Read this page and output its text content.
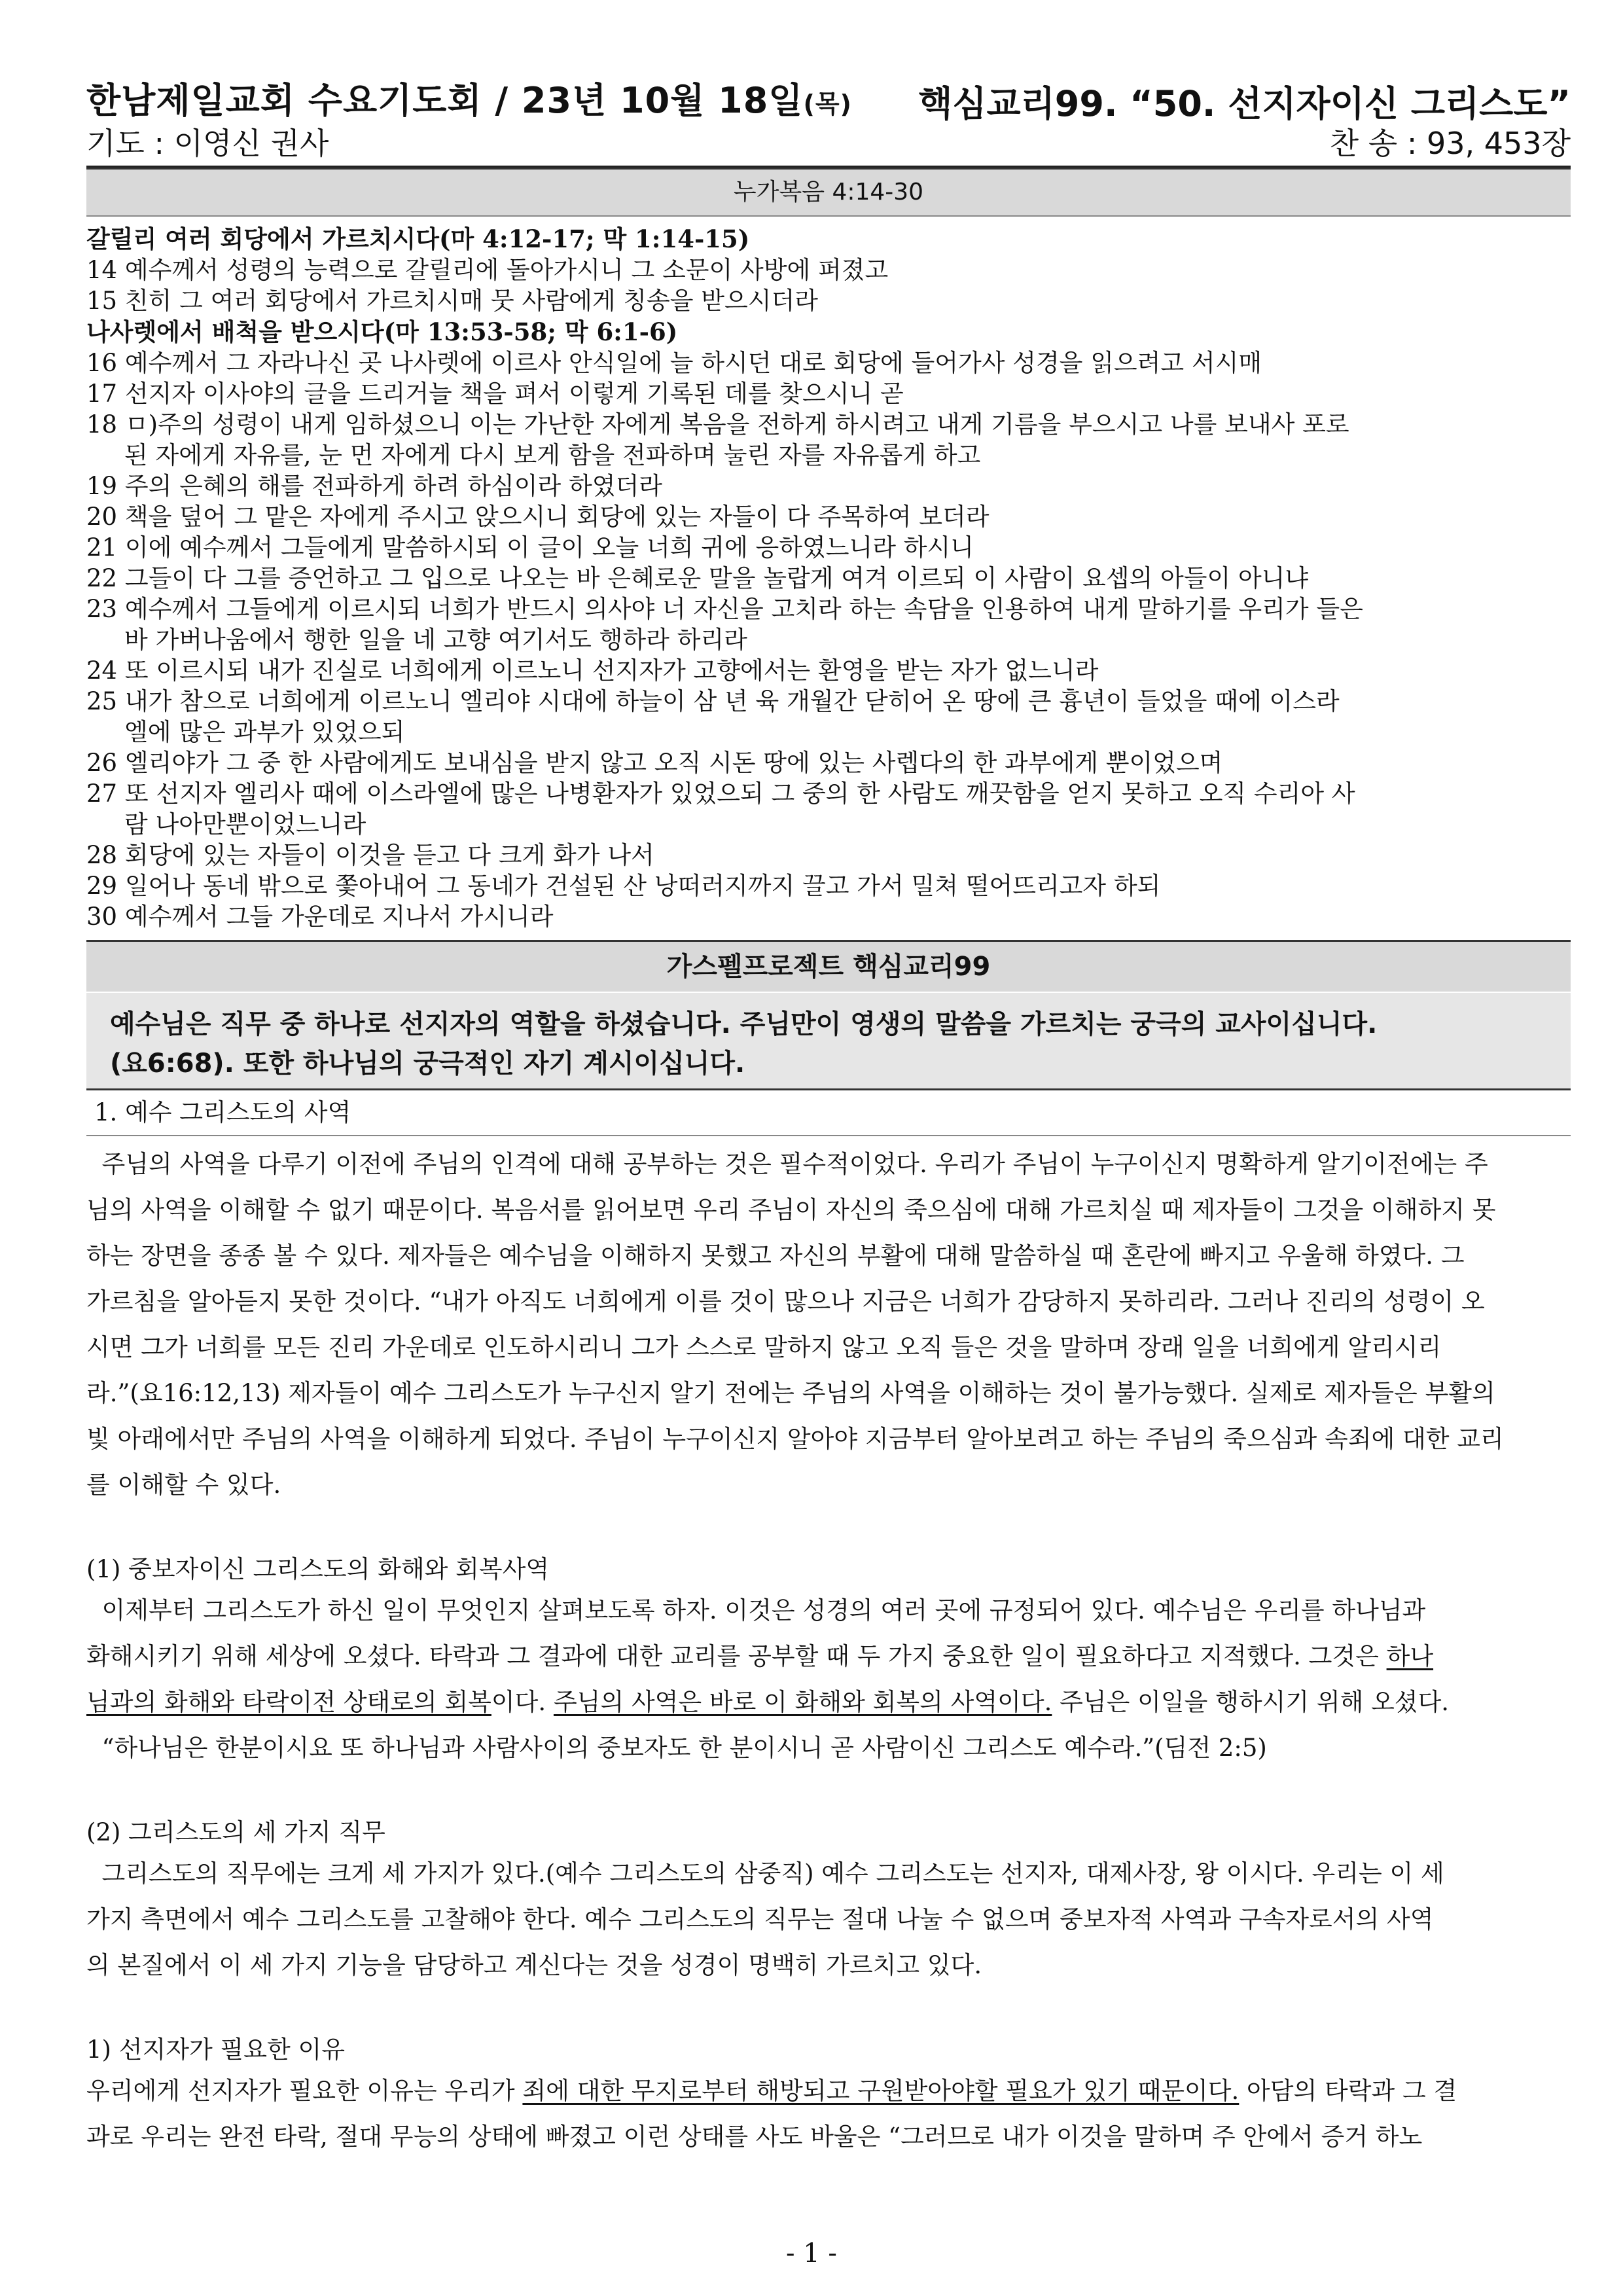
한남제일교회 수요기도회 / 23년 10월 18일(목) 핵심교리99. “50. 선지자이신 그리스도”
기도 : 이영신 권사	찬 송 : 93, 453장
누가복음 4:14-30
갈릴리 여러 회당에서 가르치시다(마 4:12-17; 막 1:14-15)
14 예수께서 성령의 능력으로 갈릴리에 돌아가시니 그 소문이 사방에 퍼졌고
15 친히 그 여러 회당에서 가르치시매 뭇 사람에게 칭송을 받으시더라
나사렛에서 배척을 받으시다(마 13:53-58; 막 6:1-6)
16 예수께서 그 자라나신 곳 나사렛에 이르사 안식일에 늘 하시던 대로 회당에 들어가사 성경을 읽으려고 서시매
17 선지자 이사야의 글을 드리거늘 책을 펴서 이렇게 기록된 데를 찾으시니 곧
18 ㅁ)주의 성령이 내게 임하셨으니 이는 가난한 자에게 복음을 전하게 하시려고 내게 기름을 부으시고 나를 보내사 포로
된 자에게 자유를, 눈 먼 자에게 다시 보게 함을 전파하며 눌린 자를 자유롭게 하고
19 주의 은혜의 해를 전파하게 하려 하심이라 하였더라
20 책을 덮어 그 맡은 자에게 주시고 앉으시니 회당에 있는 자들이 다 주목하여 보더라
21 이에 예수께서 그들에게 말씀하시되 이 글이 오늘 너희 귀에 응하였느니라 하시니
22 그들이 다 그를 증언하고 그 입으로 나오는 바 은혜로운 말을 놀랍게 여겨 이르되 이 사람이 요셉의 아들이 아니냐
23 예수께서 그들에게 이르시되 너희가 반드시 의사야 너 자신을 고치라 하는 속담을 인용하여 내게 말하기를 우리가 들은
바 가버나움에서 행한 일을 네 고향 여기서도 행하라 하리라
24 또 이르시되 내가 진실로 너희에게 이르노니 선지자가 고향에서는 환영을 받는 자가 없느니라
25 내가 참으로 너희에게 이르노니 엘리야 시대에 하늘이 삼 년 육 개월간 닫히어 온 땅에 큰 흉년이 들었을 때에 이스라
엘에 많은 과부가 있었으되
26 엘리야가 그 중 한 사람에게도 보내심을 받지 않고 오직 시돈 땅에 있는 사렙다의 한 과부에게 뿐이었으며
27 또 선지자 엘리사 때에 이스라엘에 많은 나병환자가 있었으되 그 중의 한 사람도 깨끗함을 얻지 못하고 오직 수리아 사
람 나아만뿐이었느니라
28 회당에 있는 자들이 이것을 듣고 다 크게 화가 나서
29 일어나 동네 밖으로 쫓아내어 그 동네가 건설된 산 낭떠러지까지 끌고 가서 밀쳐 떨어뜨리고자 하되
30 예수께서 그들 가운데로 지나서 가시니라
가스펠프로젝트 핵심교리99
예수님은 직무 중 하나로 선지자의 역할을 하셨습니다. 주님만이 영생의 말씀을 가르치는 궁극의 교사이십니다.
(요6:68). 또한 하나님의 궁극적인 자기 계시이십니다.
1. 예수 그리스도의 사역
주님의 사역을 다루기 이전에 주님의 인격에 대해 공부하는 것은 필수적이었다. 우리가 주님이 누구이신지 명확하게 알기이전에는 주
님의 사역을 이해할 수 없기 때문이다. 복음서를 읽어보면 우리 주님이 자신의 죽으심에 대해 가르치실 때 제자들이 그것을 이해하지 못
하는 장면을 종종 볼 수 있다. 제자들은 예수님을 이해하지 못했고 자신의 부활에 대해 말씀하실 때 혼란에 빠지고 우울해 하였다. 그
가르침을 알아듣지 못한 것이다. “내가 아직도 너희에게 이를 것이 많으나 지금은 너희가 감당하지 못하리라. 그러나 진리의 성령이 오
시면 그가 너희를 모든 진리 가운데로 인도하시리니 그가 스스로 말하지 않고 오직 들은 것을 말하며 장래 일을 너희에게 알리시리
라.”(요16:12,13) 제자들이 예수 그리스도가 누구신지 알기 전에는 주님의 사역을 이해하는 것이 불가능했다. 실제로 제자들은 부활의
빛 아래에서만 주님의 사역을 이해하게 되었다. 주님이 누구이신지 알아야 지금부터 알아보려고 하는 주님의 죽으심과 속죄에 대한 교리
를 이해할 수 있다.
(1) 중보자이신 그리스도의 화해와 회복사역
이제부터 그리스도가 하신 일이 무엇인지 살펴보도록 하자. 이것은 성경의 여러 곳에 규정되어 있다. 예수님은 우리를 하나님과
화해시키기 위해 세상에 오셨다. 타락과 그 결과에 대한 교리를 공부할 때 두 가지 중요한 일이 필요하다고 지적했다. 그것은 하나
님과의 화해와 타락이전 상태로의 회복이다. 주님의 사역은 바로 이 화해와 회복의 사역이다. 주님은 이일을 행하시기 위해 오셨다.
“하나님은 한분이시요 또 하나님과 사람사이의 중보자도 한 분이시니 곧 사람이신 그리스도 예수라.”(딤전 2:5)
(2) 그리스도의 세 가지 직무
그리스도의 직무에는 크게 세 가지가 있다.(예수 그리스도의 삼중직) 예수 그리스도는 선지자, 대제사장, 왕 이시다. 우리는 이 세
가지 측면에서 예수 그리스도를 고찰해야 한다. 예수 그리스도의 직무는 절대 나눌 수 없으며 중보자적 사역과 구속자로서의 사역
의 본질에서 이 세 가지 기능을 담당하고 계신다는 것을 성경이 명백히 가르치고 있다.
1) 선지자가 필요한 이유
우리에게 선지자가 필요한 이유는 우리가 죄에 대한 무지로부터 해방되고 구원받아야할 필요가 있기 때문이다. 아담의 타락과 그 결
과로 우리는 완전 타락, 절대 무능의 상태에 빠졌고 이런 상태를 사도 바울은 “그러므로 내가 이것을 말하며 주 안에서 증거 하노
- 1 -
